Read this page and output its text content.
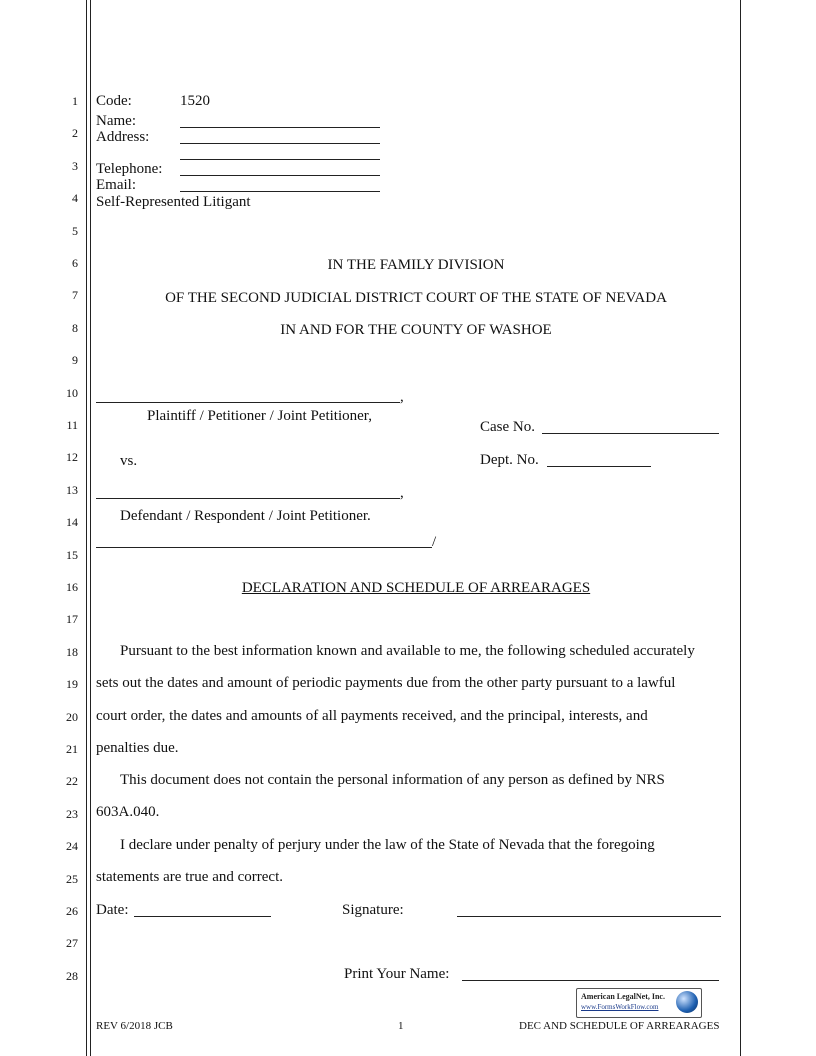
1
2
3
4
5
6
7
8
9
10
11
12
13
14
15
16
17
18
19
20
21
22
23
24
25
26
27
28
Code:	1520
Name:
Address:
Telephone:
Email:
Self-Represented Litigant
IN THE FAMILY DIVISION
OF THE SECOND JUDICIAL DISTRICT COURT OF THE STATE OF NEVADA
IN AND FOR THE COUNTY OF WASHOE
,
Plaintiff / Petitioner / Joint Petitioner,
Case No.
vs.	Dept. No.
,
Defendant / Respondent / Joint Petitioner.
/
DECLARATION AND SCHEDULE OF ARREARAGES
Pursuant to the best information known and available to me, the following scheduled accurately
sets out the dates and amount of periodic payments due from the other party pursuant to a lawful
court order, the dates and amounts of all payments received, and the principal, interests, and
penalties due.
This document does not contain the personal information of any person as defined by NRS
603A.040.
I declare under penalty of perjury under the law of the State of Nevada that the foregoing
statements are true and correct.
Date:	Signature:
Print Your Name:
American LegalNet, Inc.
www.FormsWorkFlow.com
REV 6/2018 JCB	1	DEC AND SCHEDULE OF ARREARAGES
